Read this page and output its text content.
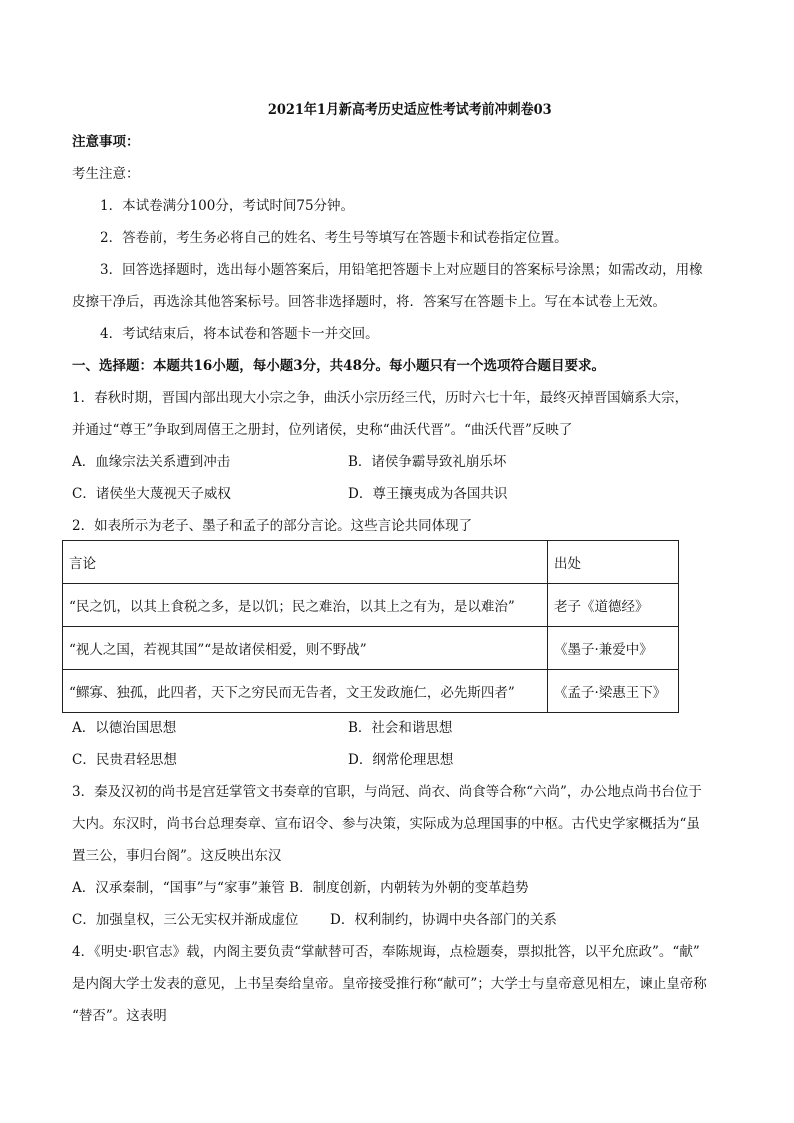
2021年1月新高考历史适应性考试考前冲刺卷03
注意事项：
考生注意：
1．本试卷满分100分，考试时间75分钟。
2．答卷前，考生务必将自己的姓名、考生号等填写在答题卡和试卷指定位置。
3．回答选择题时，选出每小题答案后，用铅笔把答题卡上对应题目的答案标号涂黑；如需改动，用橡
皮擦干净后，再选涂其他答案标号。回答非选择题时，将．答案写在答题卡上。写在本试卷上无效。
4．考试结束后，将本试卷和答题卡一并交回。
一、选择题：本题共16小题，每小题3分，共48分。每小题只有一个选项符合题目要求。
1．春秋时期，晋国内部出现大小宗之争，曲沃小宗历经三代，历时六七十年，最终灭掉晋国嫡系大宗，
并通过“尊王”争取到周僖王之册封，位列诸侯，史称“曲沃代晋”。“曲沃代晋”反映了
A．血缘宗法关系遭到冲击	B．诸侯争霸导致礼崩乐坏
C．诸侯坐大蔑视天子威权	D．尊王攘夷成为各国共识
2．如表所示为老子、墨子和孟子的部分言论。这些言论共同体现了
言论	出处
“民之饥，以其上食税之多，是以饥；民之难治，以其上之有为，是以难治”	老子《道德经》
“视人之国，若视其国”“是故诸侯相爱，则不野战”	《墨子·兼爱中》
“鳏寡、独孤，此四者，天下之穷民而无告者，文王发政施仁，必先斯四者”	《孟子·梁惠王下》
A．以德治国思想	B．社会和谐思想
C．民贵君轻思想	D．纲常伦理思想
3．秦及汉初的尚书是宫廷掌管文书奏章的官职，与尚冠、尚衣、尚食等合称“六尚”，办公地点尚书台位于
大内。东汉时，尚书台总理奏章、宣布诏令、参与决策，实际成为总理国事的中枢。古代史学家概括为“虽
置三公，事归台阁”。这反映出东汉
A．汉承秦制，“国事”与“家事”兼管 B．制度创新，内朝转为外朝的变革趋势
C．加强皇权，三公无实权并渐成虚位 D．权利制约，协调中央各部门的关系
4．《明史·职官志》载，内阁主要负责“掌献替可否，奉陈规诲，点检题奏，票拟批答，以平允庶政”。“献”
是内阁大学士发表的意见，上书呈奏给皇帝。皇帝接受推行称“献可”；大学士与皇帝意见相左，谏止皇帝称
“替否”。这表明
